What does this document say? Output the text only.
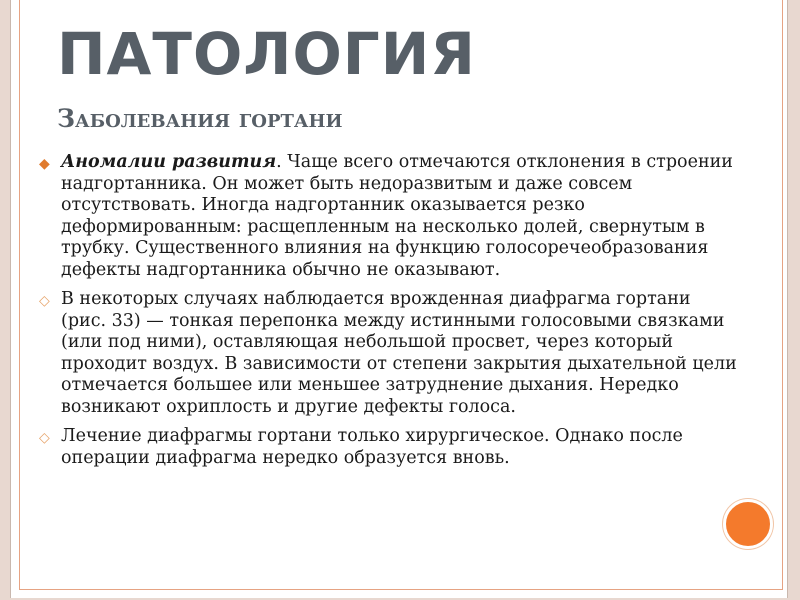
ПАТОЛОГИЯ
Заболевания гортани
◆ Аномалии развития. Чаще всего отмечаются отклонения в строении надгортанника. Он может быть недоразвитым и даже совсем отсутствовать. Иногда надгортанник оказывается резко деформированным: расщепленным на несколько долей, свернутым в трубку. Существенного влияния на функцию голосоречеобразования дефекты надгортанника обычно не оказывают.
◇ В некоторых случаях наблюдается врожденная диафрагма гортани (рис. 33) — тонкая перепонка между истинными голосовыми связками (или под ними), оставляющая небольшой просвет, через который проходит воздух. В зависимости от степени закрытия дыхательной цели отмечается большее или меньшее затруднение дыхания. Нередко возникают охриплость и другие дефекты голоса.
◇ Лечение диафрагмы гортани только хирургическое. Однако после операции диафрагма нередко образуется вновь.
